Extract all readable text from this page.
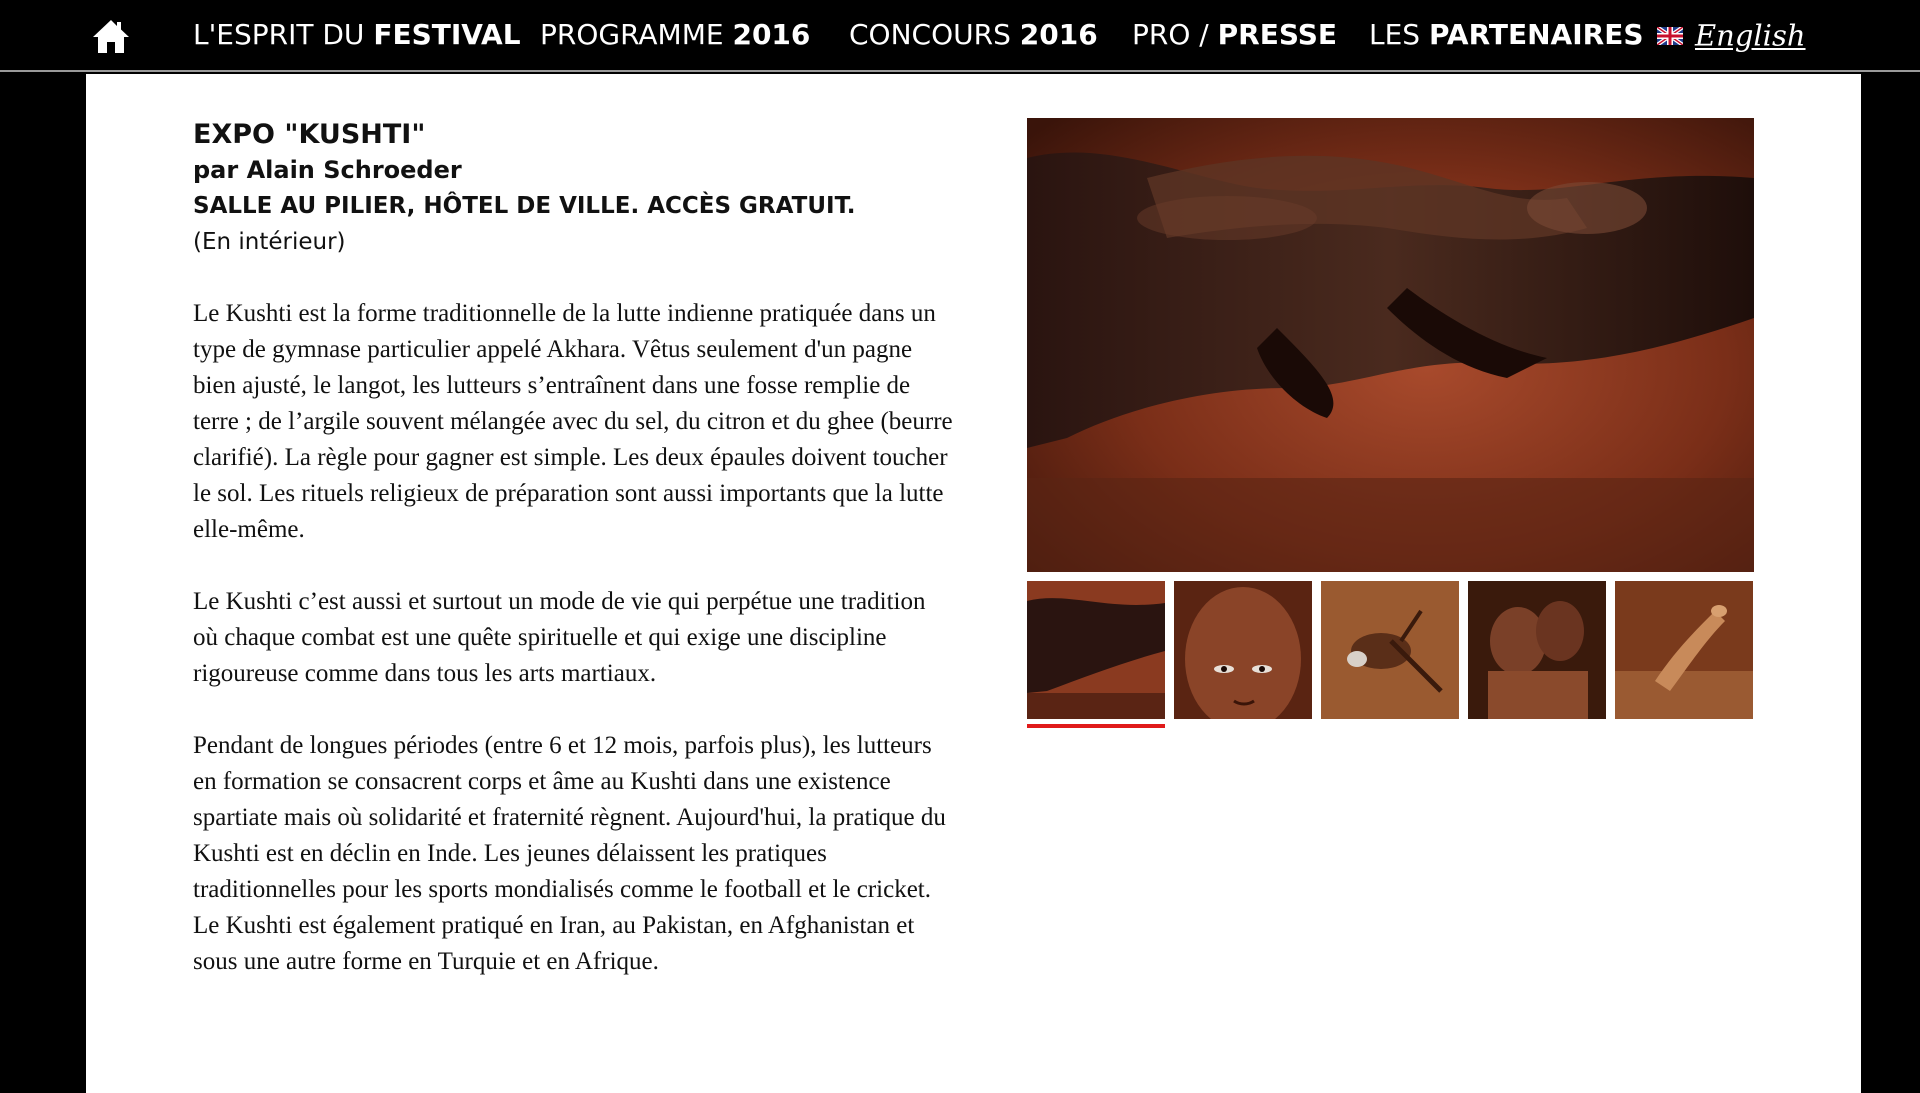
L'ESPRIT DU FESTIVAL PROGRAMME 2016 CONCOURS 2016 PRO / PRESSE LES PARTENAIRES	English
EXPO "KUSHTI"
par Alain Schroeder
SALLE AU PILIER, HÔTEL DE VILLE. ACCÈS GRATUIT.
(En intérieur)

Le Kushti est la forme traditionnelle de la lutte indienne pratiquée dans un type de gymnase particulier appelé Akhara. Vêtus seulement d'un pagne bien ajusté, le langot, les lutteurs s’entraînent dans une fosse remplie de terre ; de l’argile souvent mélangée avec du sel, du citron et du ghee (beurre clarifié). La règle pour gagner est simple. Les deux épaules doivent toucher le sol. Les rituels religieux de préparation sont aussi importants que la lutte elle-même.

Le Kushti c’est aussi et surtout un mode de vie qui perpétue une tradition où chaque combat est une quête spirituelle et qui exige une discipline rigoureuse comme dans tous les arts martiaux.

Pendant de longues périodes (entre 6 et 12 mois, parfois plus), les lutteurs en formation se consacrent corps et âme au Kushti dans une existence spartiate mais où solidarité et fraternité règnent. Aujourd'hui, la pratique du Kushti est en déclin en Inde. Les jeunes délaissent les pratiques traditionnelles pour les sports mondialisés comme le football et le cricket. Le Kushti est également pratiqué en Iran, au Pakistan, en Afghanistan et sous une autre forme en Turquie et en Afrique.
